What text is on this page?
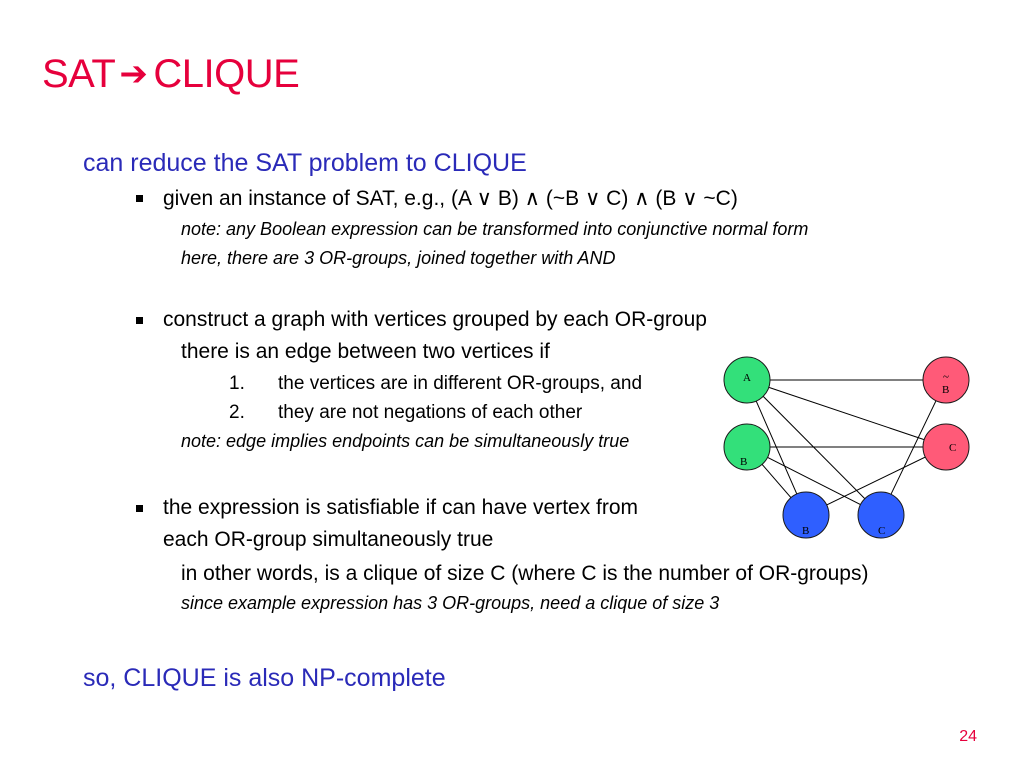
SAT ➔ CLIQUE
can reduce the SAT problem to CLIQUE
given an instance of SAT, e.g., (A ∨ B) ∧ (~B ∨ C) ∧ (B ∨ ~C)
note: any Boolean expression can be transformed into conjunctive normal form
here, there are 3 OR-groups, joined together with AND
construct a graph with vertices grouped by each OR-group
there is an edge between two vertices if
1. the vertices are in different OR-groups, and
2. they are not negations of each other
note: edge implies endpoints can be simultaneously true
the expression is satisfiable if can have vertex from
each OR-group simultaneously true
in other words, is a clique of size C (where C is the number of OR-groups)
since example expression has 3 OR-groups, need a clique of size 3
so, CLIQUE is also NP-complete
A
B
~ B
C
B	C
24
